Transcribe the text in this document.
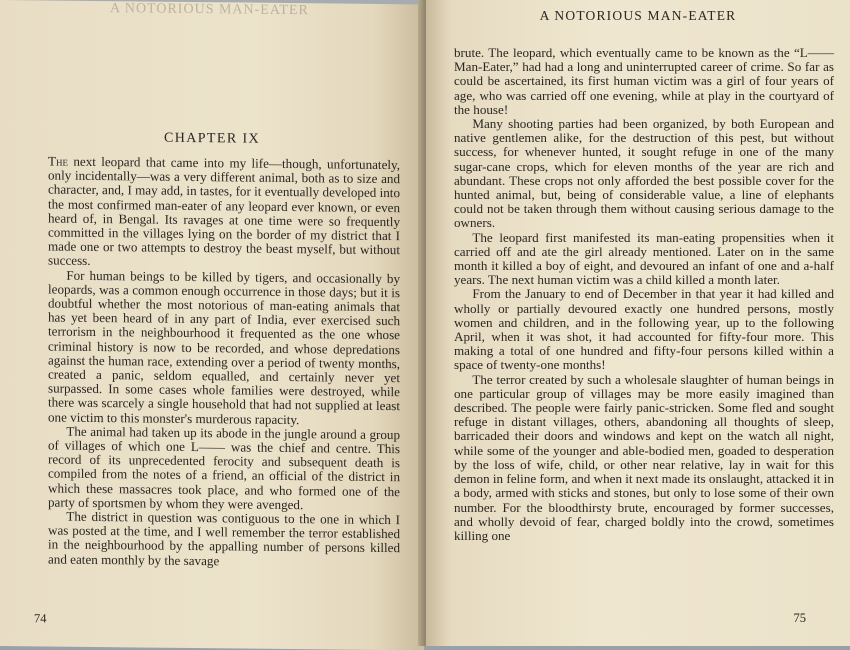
A NOTORIOUS MAN-EATER
CHAPTER IX

The next leopard that came into my life—though, unfortunately, only incidentally—was a very different animal, both as to size and character, and, I may add, in tastes, for it eventually developed into the most confirmed man-eater of any leopard ever known, or even heard of, in Bengal. Its ravages at one time were so frequently committed in the villages lying on the border of my district that I made one or two attempts to destroy the beast myself, but without success.

For human beings to be killed by tigers, and occasionally by leopards, was a common enough occurrence in those days; but it is doubtful whether the most notorious of man-eating animals that has yet been heard of in any part of India, ever exercised such terrorism in the neighbourhood it frequented as the one whose criminal history is now to be recorded, and whose depredations against the human race, extending over a period of twenty months, created a panic, seldom equalled, and certainly never yet surpassed. In some cases whole families were destroyed, while there was scarcely a single household that had not supplied at least one victim to this monster's murderous rapacity.

The animal had taken up its abode in the jungle around a group of villages of which one L—— was the chief and centre. This record of its unprecedented ferocity and subsequent death is compiled from the notes of a friend, an official of the district in which these massacres took place, and who formed one of the party of sportsmen by whom they were avenged.

The district in question was contiguous to the one in which I was posted at the time, and I well remember the terror established in the neighbourhood by the appalling number of persons killed and eaten monthly by the savage

74
A NOTORIOUS MAN-EATER

brute. The leopard, which eventually came to be known as the “L—— Man-Eater,” had had a long and uninterrupted career of crime. So far as could be ascertained, its first human victim was a girl of four years of age, who was carried off one evening, while at play in the courtyard of the house!

Many shooting parties had been organized, by both European and native gentlemen alike, for the destruction of this pest, but without success, for whenever hunted, it sought refuge in one of the many sugar-cane crops, which for eleven months of the year are rich and abundant. These crops not only afforded the best possible cover for the hunted animal, but, being of considerable value, a line of elephants could not be taken through them without causing serious damage to the owners.

The leopard first manifested its man-eating propensities when it carried off and ate the girl already mentioned. Later on in the same month it killed a boy of eight, and devoured an infant of one and a-half years. The next human victim was a child killed a month later.

From the January to end of December in that year it had killed and wholly or partially devoured exactly one hundred persons, mostly women and children, and in the following year, up to the following April, when it was shot, it had accounted for fifty-four more. This making a total of one hundred and fifty-four persons killed within a space of twenty-one months!

The terror created by such a wholesale slaughter of human beings in one particular group of villages may be more easily imagined than described. The people were fairly panic-stricken. Some fled and sought refuge in distant villages, others, abandoning all thoughts of sleep, barricaded their doors and windows and kept on the watch all night, while some of the younger and able-bodied men, goaded to desperation by the loss of wife, child, or other near relative, lay in wait for this demon in feline form, and when it next made its onslaught, attacked it in a body, armed with sticks and stones, but only to lose some of their own number. For the bloodthirsty brute, encouraged by former successes, and wholly devoid of fear, charged boldly into the crowd, sometimes killing one

75
